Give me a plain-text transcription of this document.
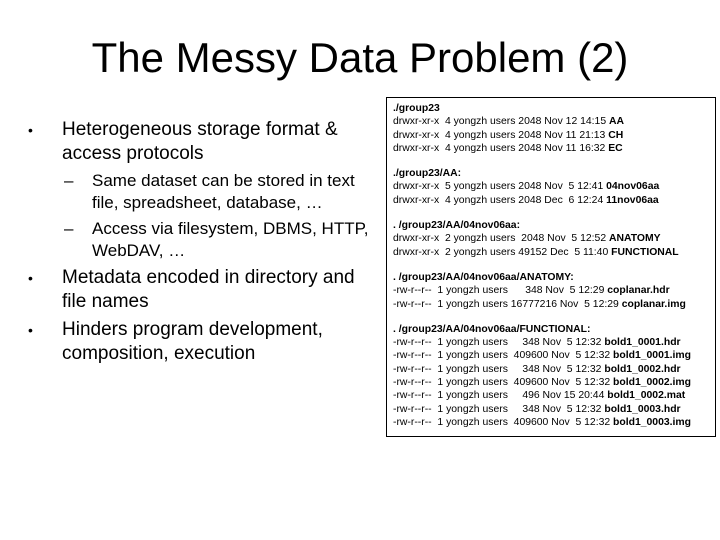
The Messy Data Problem (2)
•	Heterogeneous storage format & access protocols
–	Same dataset can be stored in text file, spreadsheet, database, …
–	Access via filesystem, DBMS, HTTP, WebDAV, …
•	Metadata encoded in directory and file names
•	Hinders program development, composition, execution
./group23
drwxr-xr-x  4 yongzh users 2048 Nov 12 14:15 AA
drwxr-xr-x  4 yongzh users 2048 Nov 11 21:13 CH
drwxr-xr-x  4 yongzh users 2048 Nov 11 16:32 EC
./group23/AA:
drwxr-xr-x  5 yongzh users 2048 Nov  5 12:41 04nov06aa
drwxr-xr-x  4 yongzh users 2048 Dec  6 12:24 11nov06aa
. /group23/AA/04nov06aa:
drwxr-xr-x  2 yongzh users  2048 Nov  5 12:52 ANATOMY
drwxr-xr-x  2 yongzh users 49152 Dec  5 11:40 FUNCTIONAL
. /group23/AA/04nov06aa/ANATOMY:
-rw-r--r--  1 yongzh users      348 Nov  5 12:29 coplanar.hdr
-rw-r--r--  1 yongzh users 16777216 Nov  5 12:29 coplanar.img
. /group23/AA/04nov06aa/FUNCTIONAL:
-rw-r--r--  1 yongzh users     348 Nov  5 12:32 bold1_0001.hdr
-rw-r--r--  1 yongzh users  409600 Nov  5 12:32 bold1_0001.img
-rw-r--r--  1 yongzh users     348 Nov  5 12:32 bold1_0002.hdr
-rw-r--r--  1 yongzh users  409600 Nov  5 12:32 bold1_0002.img
-rw-r--r--  1 yongzh users     496 Nov 15 20:44 bold1_0002.mat
-rw-r--r--  1 yongzh users     348 Nov  5 12:32 bold1_0003.hdr
-rw-r--r--  1 yongzh users  409600 Nov  5 12:32 bold1_0003.img
